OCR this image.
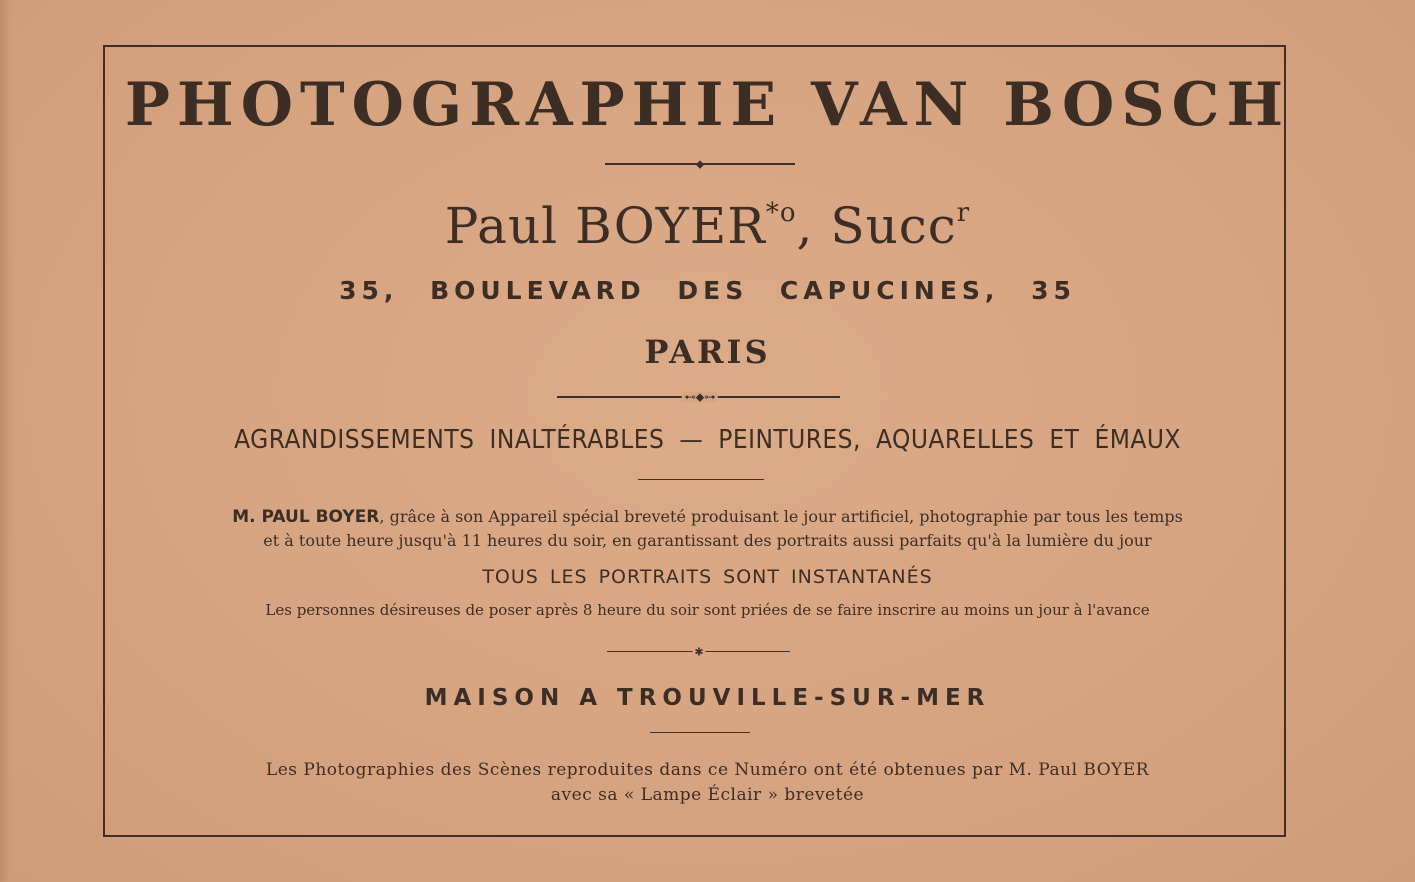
PHOTOGRAPHIE VAN BOSCH
◆
Paul BOYER$^{*o}$, Succ$^r$
35, BOULEVARD DES CAPUCINES, 35
PARIS
⊷◆⊶
AGRANDISSEMENTS INALTÉRABLES — PEINTURES, AQUARELLES ET ÉMAUX
M. PAUL BOYER, grâce à son Appareil spécial breveté produisant le jour artificiel, photographie par tous les temps
et à toute heure jusqu'à 11 heures du soir, en garantissant des portraits aussi parfaits qu'à la lumière du jour
TOUS LES PORTRAITS SONT INSTANTANÉS
Les personnes désireuses de poser après 8 heure du soir sont priées de se faire inscrire au moins un jour à l'avance
✱
MAISON A TROUVILLE-SUR-MER
Les Photographies des Scènes reproduites dans ce Numéro ont été obtenues par M. Paul BOYER
avec sa « Lampe Éclair » brevetée
